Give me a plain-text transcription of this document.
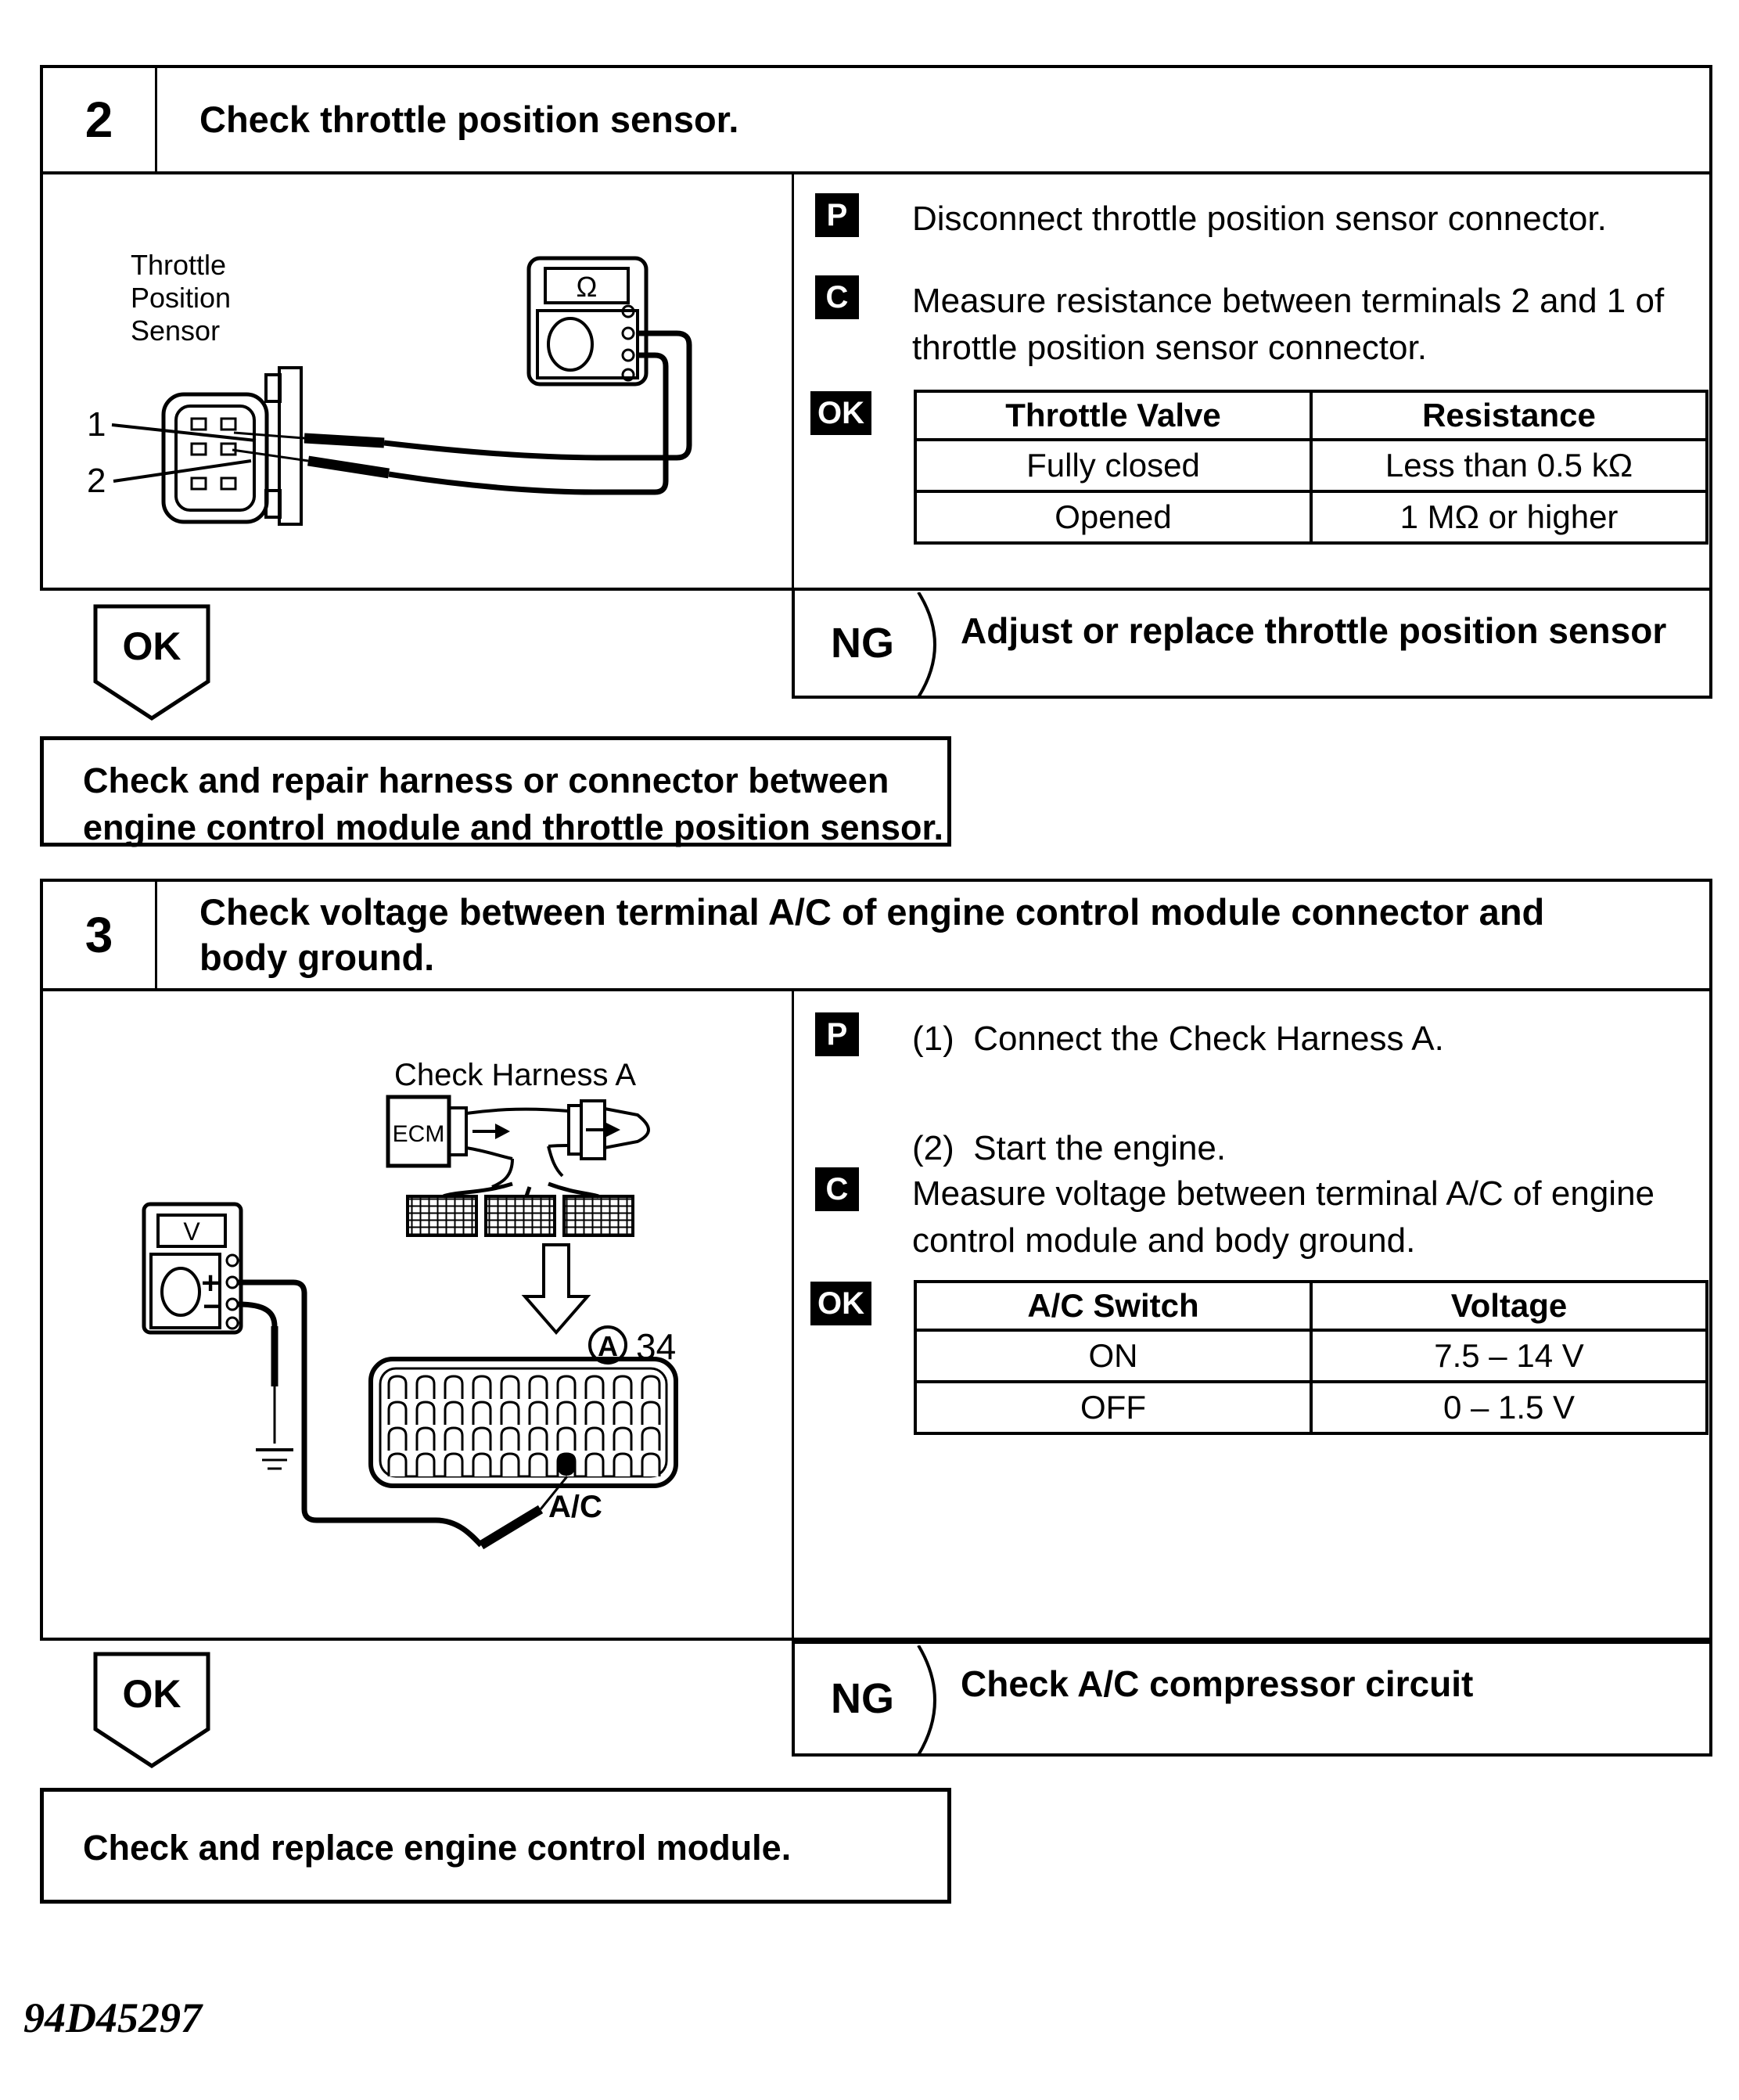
2	Check throttle position sensor.
Throttle
Position
Sensor
1
2
Ω
P	Disconnect throttle position sensor connector.
C	Measure resistance between terminals 2 and 1 of
throttle position sensor connector.
OK	Throttle Valve	Resistance
Fully closed	Less than 0.5 kΩ
Opened	1 MΩ or higher
NG Adjust or replace throttle position sensor
OK
Check and repair harness or connector between
engine control module and throttle position sensor.
3	Check voltage between terminal A/C of engine control module connector and
body ground.
Check Harness A
ECM
V
+
−
A 34
A/C
P	(1)  Connect the Check Harness A.
(2)  Start the engine.
C	Measure voltage between terminal A/C of engine
control module and body ground.
OK	A/C Switch	Voltage
ON	7.5 – 14 V
OFF	0 – 1.5 V
NG Check A/C compressor circuit
OK
Check and replace engine control module.
94D45297
